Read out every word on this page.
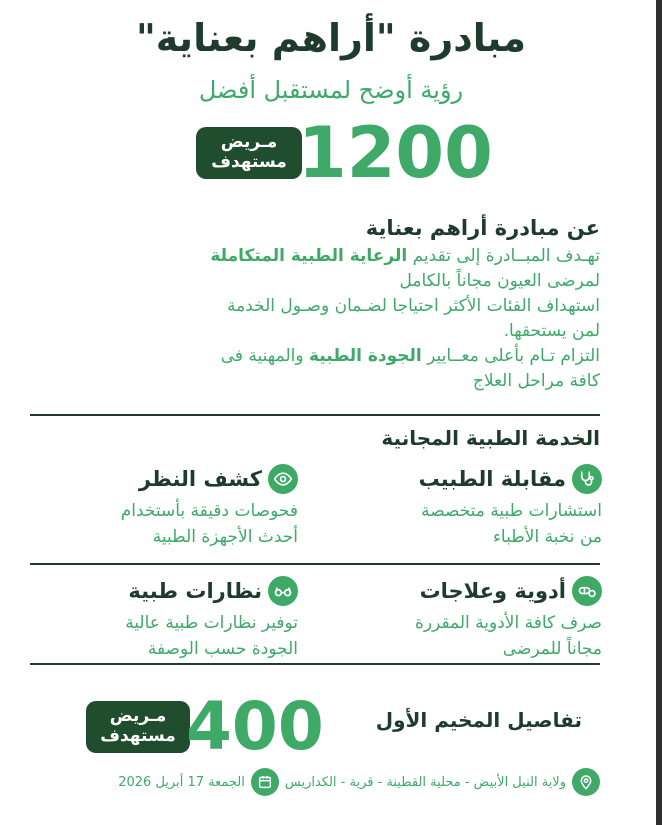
مبادرة "أراهم بعناية"
رؤية أوضح لمستقبل أفضل
مـريض
مستهدف 1200
عن مبادرة أراهم بعناية
تهـدف المبــادرة إلى تقديم الرعاية الطبية المتكاملة
لمرضى العيون مجاناً بالكامل
استهداف الفئات الأكثر احتياجا لضـمان وصـول الخدمة
لمن يستحقها.
التزام تـام بأعلى معــايير الجودة الطبية والمهنية فى
كافة مراحل العلاج
الخدمة الطبية المجانية
مقابلة الطبيب
استشارات طبية متخصصة
من نخبة الأطباء
كشف النظر
فحوصات دقيقة بأستخدام
أحدث الأجهزة الطبية
أدوية وعلاجات
صرف كافة الأدوية المقررة
مجاناً للمرضى
نظارات طبية
توفير نظارات طبية عالية
الجودة حسب الوصفة
تفاصيل المخيم الأول
مـريض
مستهدف 400
ولاية النيل الأبيض - محلية القطينة - قرية - الكداريس
الجمعة 17 أبريل 2026
